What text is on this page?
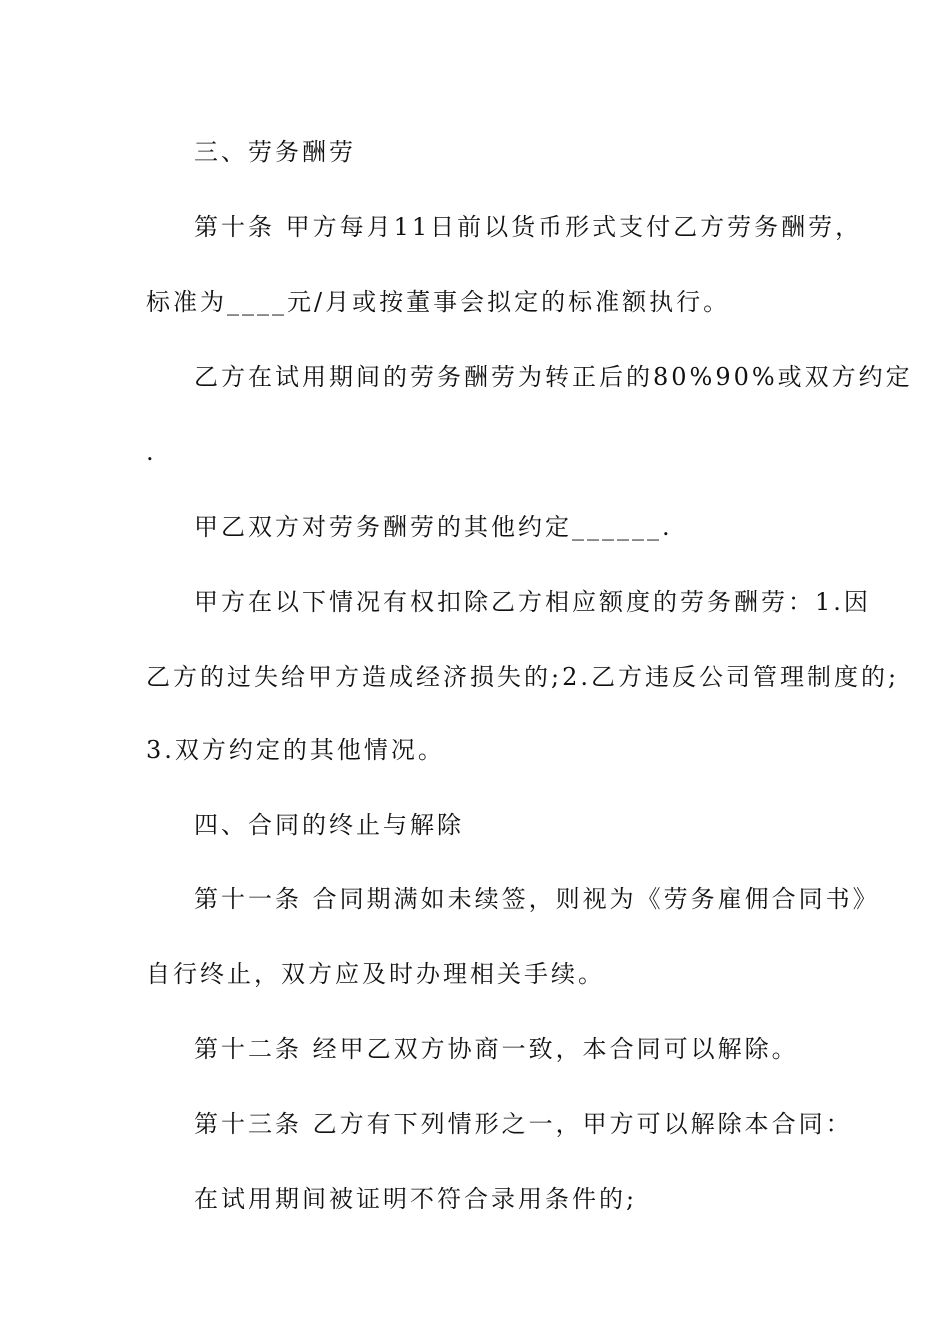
三、劳务酬劳
第十条 甲方每月11日前以货币形式支付乙方劳务酬劳，
标准为____元/月或按董事会拟定的标准额执行。
乙方在试用期间的劳务酬劳为转正后的80%90%或双方约定
.
甲乙双方对劳务酬劳的其他约定______.
甲方在以下情况有权扣除乙方相应额度的劳务酬劳：1.因
乙方的过失给甲方造成经济损失的;2.乙方违反公司管理制度的;
3.双方约定的其他情况。
四、合同的终止与解除
第十一条 合同期满如未续签，则视为《劳务雇佣合同书》
自行终止，双方应及时办理相关手续。
第十二条 经甲乙双方协商一致，本合同可以解除。
第十三条 乙方有下列情形之一，甲方可以解除本合同：
在试用期间被证明不符合录用条件的;
